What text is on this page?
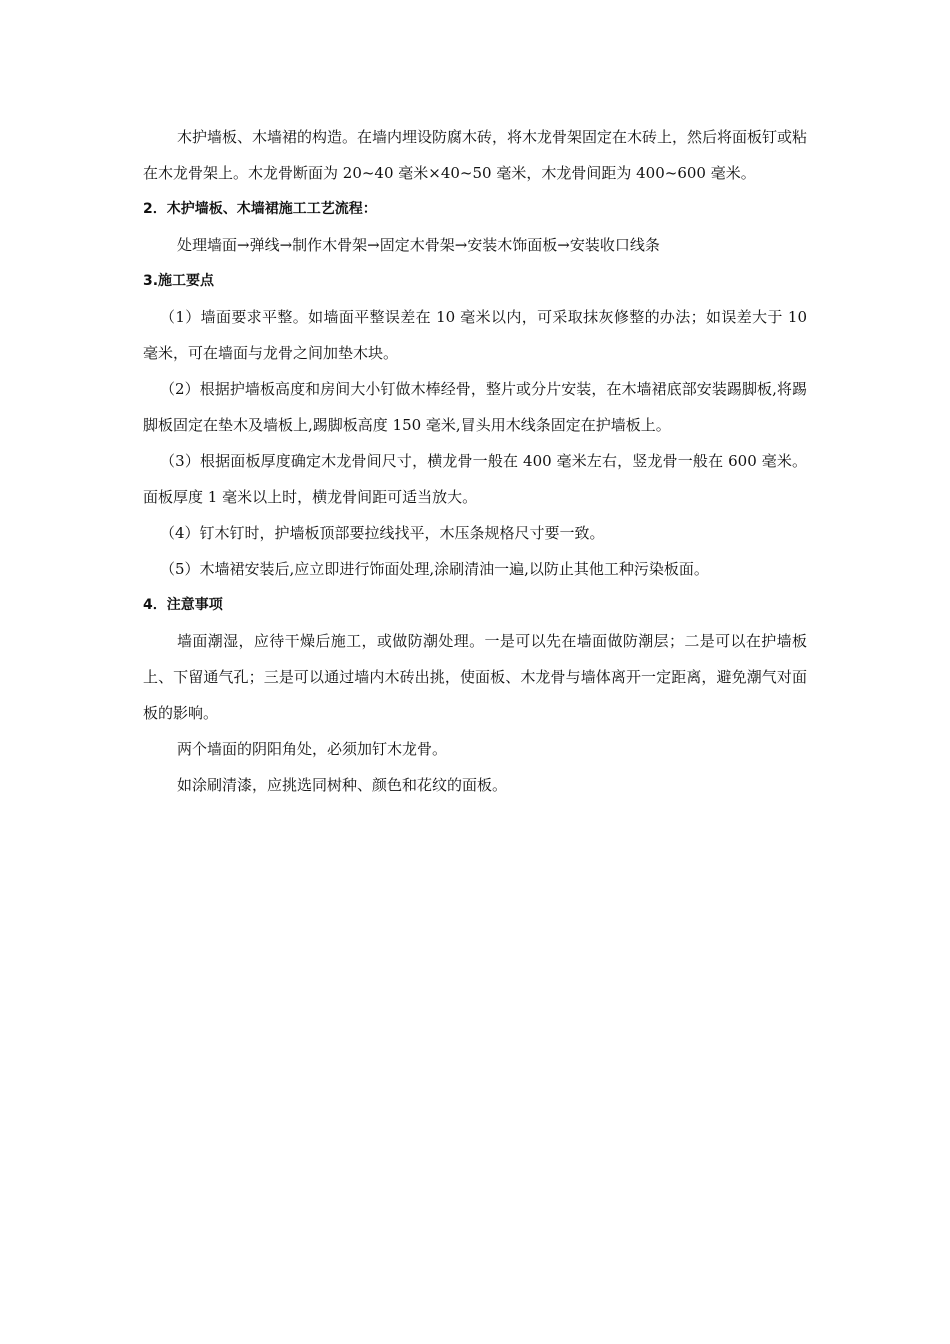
木护墙板、木墙裙的构造。在墙内埋设防腐木砖，将木龙骨架固定在木砖上，然后将面板钉或粘在木龙骨架上。木龙骨断面为 20~40 毫米×40~50 毫米，木龙骨间距为 400~600 毫米。

2．木护墙板、木墙裙施工工艺流程：

处理墙面→弹线→制作木骨架→固定木骨架→安装木饰面板→安装收口线条

3.施工要点

（1）墙面要求平整。如墙面平整误差在 10 毫米以内，可采取抹灰修整的办法；如误差大于 10 毫米，可在墙面与龙骨之间加垫木块。

（2）根据护墙板高度和房间大小钉做木棒经骨，整片或分片安装，在木墙裙底部安装踢脚板,将踢脚板固定在垫木及墙板上,踢脚板高度 150 毫米,冒头用木线条固定在护墙板上。

（3）根据面板厚度确定木龙骨间尺寸，横龙骨一般在 400 毫米左右，竖龙骨一般在 600 毫米。面板厚度 1 毫米以上时，横龙骨间距可适当放大。

（4）钉木钉时，护墙板顶部要拉线找平，木压条规格尺寸要一致。

（5）木墙裙安装后,应立即进行饰面处理,涂刷清油一遍,以防止其他工种污染板面。

4．注意事项

墙面潮湿，应待干燥后施工，或做防潮处理。一是可以先在墙面做防潮层；二是可以在护墙板上、下留通气孔；三是可以通过墙内木砖出挑，使面板、木龙骨与墙体离开一定距离，避免潮气对面板的影响。

两个墙面的阴阳角处，必须加钉木龙骨。

如涂刷清漆，应挑选同树种、颜色和花纹的面板。
